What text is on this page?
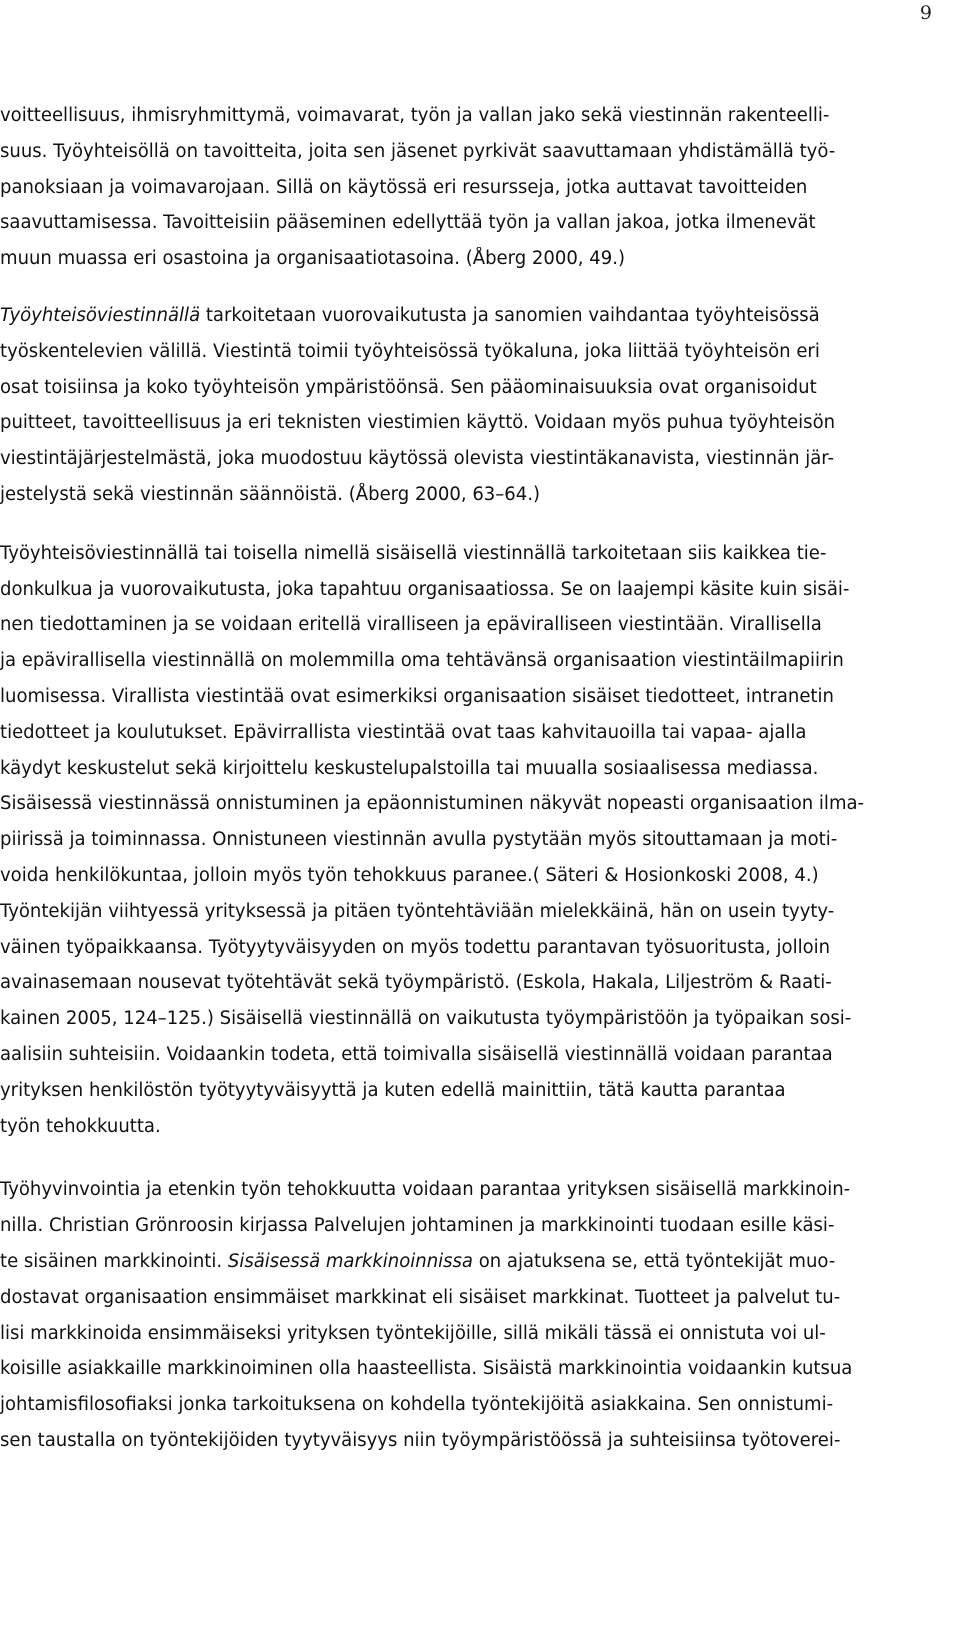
9
voitteellisuus, ihmisryhmittymä, voimavarat, työn ja vallan jako sekä viestinnän rakenteelli-
suus. Työyhteisöllä on tavoitteita, joita sen jäsenet pyrkivät saavuttamaan yhdistämällä työ-
panoksiaan ja voimavarojaan. Sillä on käytössä eri resursseja, jotka auttavat tavoitteiden
saavuttamisessa. Tavoitteisiin pääseminen edellyttää työn ja vallan jakoa, jotka ilmenevät
muun muassa eri osastoina ja organisaatiotasoina. (Åberg 2000, 49.)
Työyhteisöviestinnällä tarkoitetaan vuorovaikutusta ja sanomien vaihdantaa työyhteisössä
työskentelevien välillä. Viestintä toimii työyhteisössä työkaluna, joka liittää työyhteisön eri
osat toisiinsa ja koko työyhteisön ympäristöönsä. Sen pääominaisuuksia ovat organisoidut
puitteet, tavoitteellisuus ja eri teknisten viestimien käyttö. Voidaan myös puhua työyhteisön
viestintäjärjestelmästä, joka muodostuu käytössä olevista viestintäkanavista, viestinnän jär-
jestelystä sekä viestinnän säännöistä. (Åberg 2000, 63–64.)
Työyhteisöviestinnällä tai toisella nimellä sisäisellä viestinnällä tarkoitetaan siis kaikkea tie-
donkulkua ja vuorovaikutusta, joka tapahtuu organisaatiossa. Se on laajempi käsite kuin sisäi-
nen tiedottaminen ja se voidaan eritellä viralliseen ja epäviralliseen viestintään. Virallisella
ja epävirallisella viestinnällä on molemmilla oma tehtävänsä organisaation viestintäilmapiirin
luomisessa. Virallista viestintää ovat esimerkiksi organisaation sisäiset tiedotteet, intranetin
tiedotteet ja koulutukset. Epävirrallista viestintää ovat taas kahvitauoilla tai vapaa- ajalla
käydyt keskustelut sekä kirjoittelu keskustelupalstoilla tai muualla sosiaalisessa mediassa.
Sisäisessä viestinnässä onnistuminen ja epäonnistuminen näkyvät nopeasti organisaation ilma-
piirissä ja toiminnassa. Onnistuneen viestinnän avulla pystytään myös sitouttamaan ja moti-
voida henkilökuntaa, jolloin myös työn tehokkuus paranee.( Säteri & Hosionkoski 2008, 4.)
Työntekijän viihtyessä yrityksessä ja pitäen työntehtäviään mielekkäinä, hän on usein tyyty-
väinen työpaikkaansa. Työtyytyväisyyden on myös todettu parantavan työsuoritusta, jolloin
avainasemaan nousevat työtehtävät sekä työympäristö. (Eskola, Hakala, Liljeström & Raati-
kainen 2005, 124–125.) Sisäisellä viestinnällä on vaikutusta työympäristöön ja työpaikan sosi-
aalisiin suhteisiin. Voidaankin todeta, että toimivalla sisäisellä viestinnällä voidaan parantaa
yrityksen henkilöstön työtyytyväisyyttä ja kuten edellä mainittiin, tätä kautta parantaa
työn tehokkuutta.
Työhyvinvointia ja etenkin työn tehokkuutta voidaan parantaa yrityksen sisäisellä markkinoin-
nilla. Christian Grönroosin kirjassa Palvelujen johtaminen ja markkinointi tuodaan esille käsi-
te sisäinen markkinointi. Sisäisessä markkinoinnissa on ajatuksena se, että työntekijät muo-
dostavat organisaation ensimmäiset markkinat eli sisäiset markkinat. Tuotteet ja palvelut tu-
lisi markkinoida ensimmäiseksi yrityksen työntekijöille, sillä mikäli tässä ei onnistuta voi ul-
koisille asiakkaille markkinoiminen olla haasteellista. Sisäistä markkinointia voidaankin kutsua
johtamisfilosofiaksi jonka tarkoituksena on kohdella työntekijöitä asiakkaina. Sen onnistumi-
sen taustalla on työntekijöiden tyytyväisyys niin työympäristöössä ja suhteisiinsa työtoverei-
